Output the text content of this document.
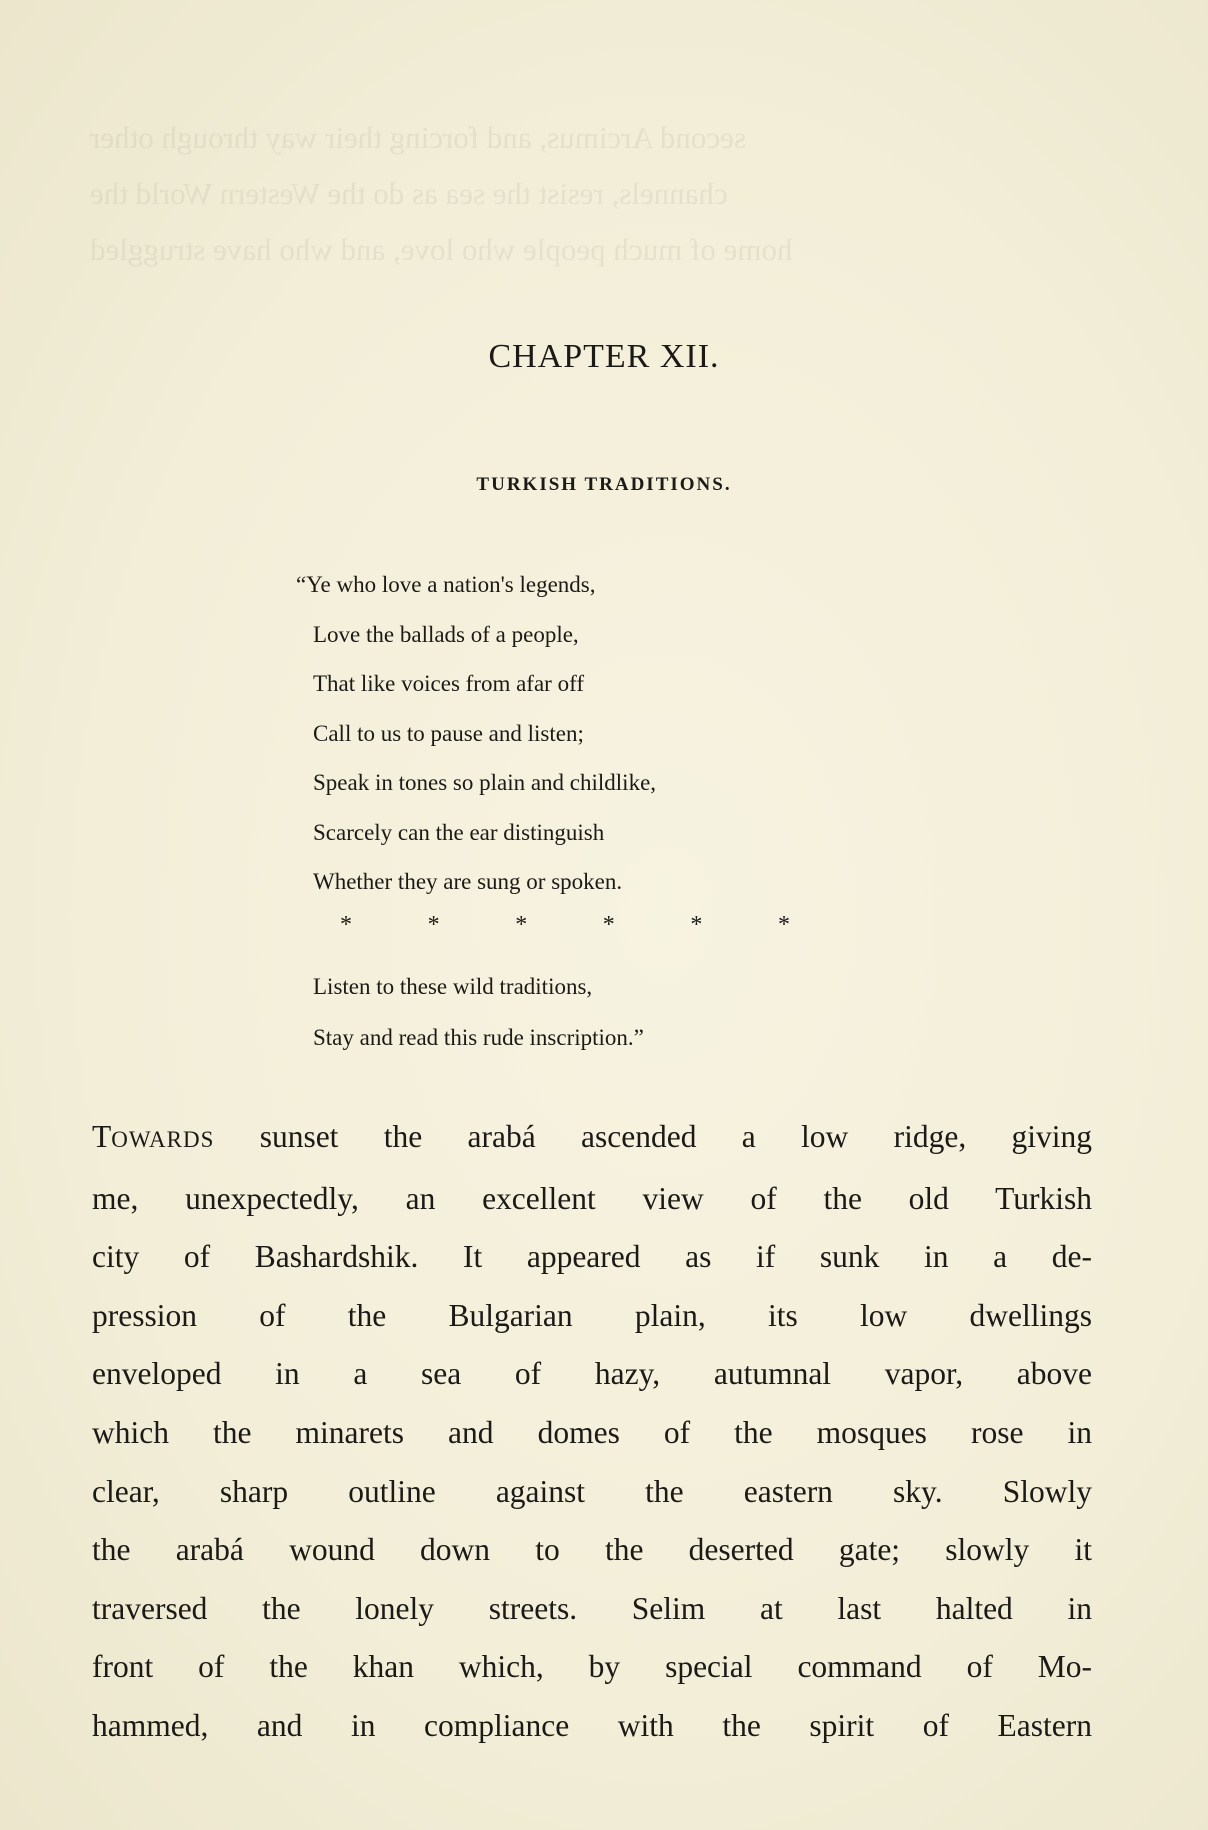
second Arcimus, and forcing their way through other
channels, resist the sea as do the Western World the
home of much people who love, and who have struggled
CHAPTER XII.
TURKISH TRADITIONS.
“Ye who love a nation's legends,
Love the ballads of a people,
That like voices from afar off
Call to us to pause and listen;
Speak in tones so plain and childlike,
Scarcely can the ear distinguish
Whether they are sung or spoken.
*	*	*	*	*	*
Listen to these wild traditions,
Stay and read this rude inscription.”
TOWARDS sunset the arabá ascended a low ridge, giving
me, unexpectedly, an excellent view of the old Turkish
city of Bashardshik. It appeared as if sunk in a de-
pression of the Bulgarian plain, its low dwellings
enveloped in a sea of hazy, autumnal vapor, above
which the minarets and domes of the mosques rose in
clear, sharp outline against the eastern sky. Slowly
the arabá wound down to the deserted gate; slowly it
traversed the lonely streets. Selim at last halted in
front of the khan which, by special command of Mo-
hammed, and in compliance with the spirit of Eastern
